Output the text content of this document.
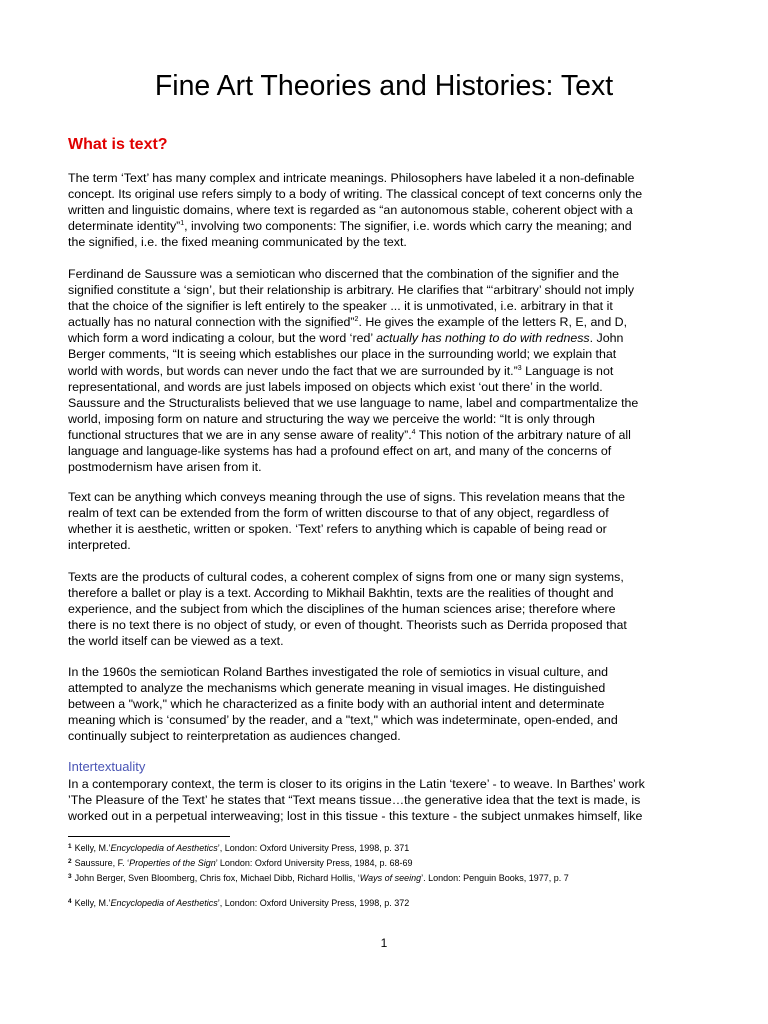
Fine Art Theories and Histories: Text
What is text?
The term ‘Text’ has many complex and intricate meanings. Philosophers have labeled it a non-definable
concept. Its original use refers simply to a body of writing. The classical concept of text concerns only the
written and linguistic domains, where text is regarded as “an autonomous stable, coherent object with a
determinate identity”$^1$, involving two components: The signifier, i.e. words which carry the meaning; and
the signified, i.e. the fixed meaning communicated by the text.
Ferdinand de Saussure was a semiotican who discerned that the combination of the signifier and the
signified constitute a ‘sign’, but their relationship is arbitrary. He clarifies that “‘arbitrary’ should not imply
that the choice of the signifier is left entirely to the speaker ... it is unmotivated, i.e. arbitrary in that it
actually has no natural connection with the signified”$^2$. He gives the example of the letters R, E, and D,
which form a word indicating a colour, but the word ‘red’ actually has nothing to do with redness. John
Berger comments, “It is seeing which establishes our place in the surrounding world; we explain that
world with words, but words can never undo the fact that we are surrounded by it.”$^3$ Language is not
representational, and words are just labels imposed on objects which exist ‘out there’ in the world.
Saussure and the Structuralists believed that we use language to name, label and compartmentalize the
world, imposing form on nature and structuring the way we perceive the world: “It is only through
functional structures that we are in any sense aware of reality”.$^4$ This notion of the arbitrary nature of all
language and language-like systems has had a profound effect on art, and many of the concerns of
postmodernism have arisen from it.
Text can be anything which conveys meaning through the use of signs. This revelation means that the
realm of text can be extended from the form of written discourse to that of any object, regardless of
whether it is aesthetic, written or spoken. ‘Text’ refers to anything which is capable of being read or
interpreted.
Texts are the products of cultural codes, a coherent complex of signs from one or many sign systems,
therefore a ballet or play is a text. According to Mikhail Bakhtin, texts are the realities of thought and
experience, and the subject from which the disciplines of the human sciences arise; therefore where
there is no text there is no object of study, or even of thought. Theorists such as Derrida proposed that
the world itself can be viewed as a text.
In the 1960s the semiotican Roland Barthes investigated the role of semiotics in visual culture, and
attempted to analyze the mechanisms which generate meaning in visual images. He distinguished
between a "work," which he characterized as a finite body with an authorial intent and determinate
meaning which is ‘consumed’ by the reader, and a "text," which was indeterminate, open-ended, and
continually subject to reinterpretation as audiences changed.
Intertextuality
In a contemporary context, the term is closer to its origins in the Latin ‘texere’ - to weave. In Barthes’ work
’The Pleasure of the Text’ he states that “Text means tissue…the generative idea that the text is made, is
worked out in a perpetual interweaving; lost in this tissue - this texture - the subject unmakes himself, like
$^1$ Kelly, M.’Encyclopedia of Aesthetics’, London: Oxford University Press, 1998, p. 371
$^2$ Saussure, F. ‘Properties of the Sign’ London: Oxford University Press, 1984, p. 68-69
$^3$ John Berger, Sven Bloomberg, Chris fox, Michael Dibb, Richard Hollis, ‘Ways of seeing’. London: Penguin Books, 1977, p. 7
$^4$ Kelly, M.’Encyclopedia of Aesthetics’, London: Oxford University Press, 1998, p. 372
1
